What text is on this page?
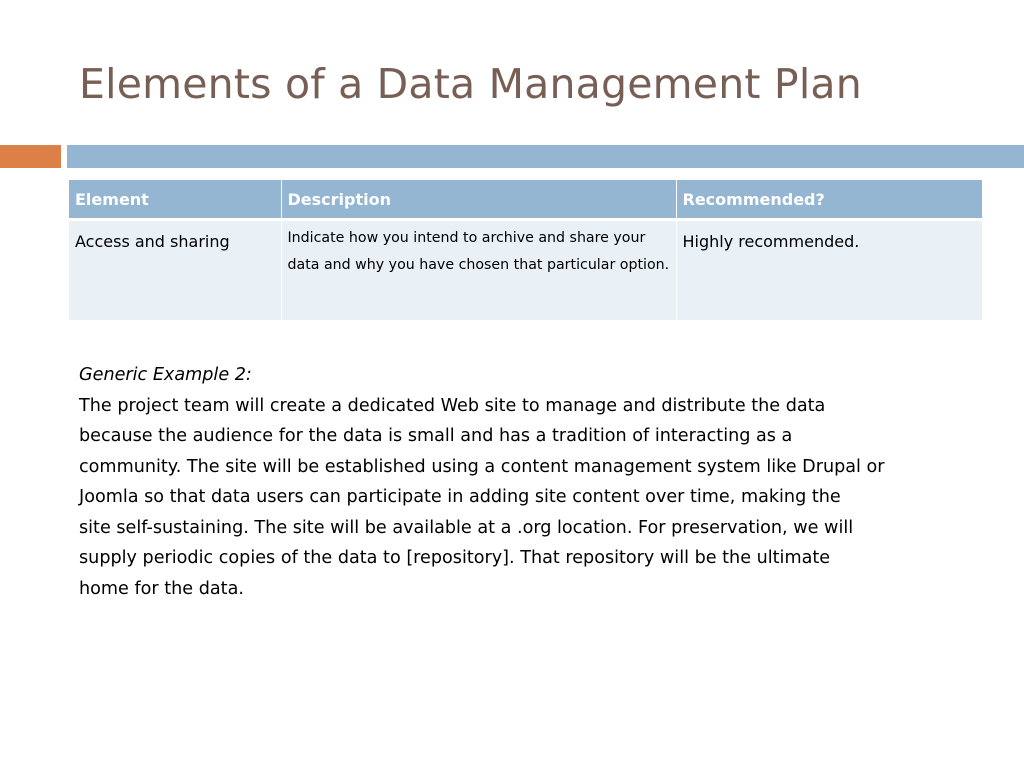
Elements of a Data Management Plan
Element	Description	Recommended?
Access and sharing	Indicate how you intend to archive and share your data and why you have chosen that particular option.	Highly recommended.

Generic Example 2:

The project team will create a dedicated Web site to manage and distribute the data
because the audience for the data is small and has a tradition of interacting as a
community. The site will be established using a content management system like Drupal or
Joomla so that data users can participate in adding site content over time, making the
site self-sustaining. The site will be available at a .org location. For preservation, we will
supply periodic copies of the data to [repository]. That repository will be the ultimate
home for the data.
